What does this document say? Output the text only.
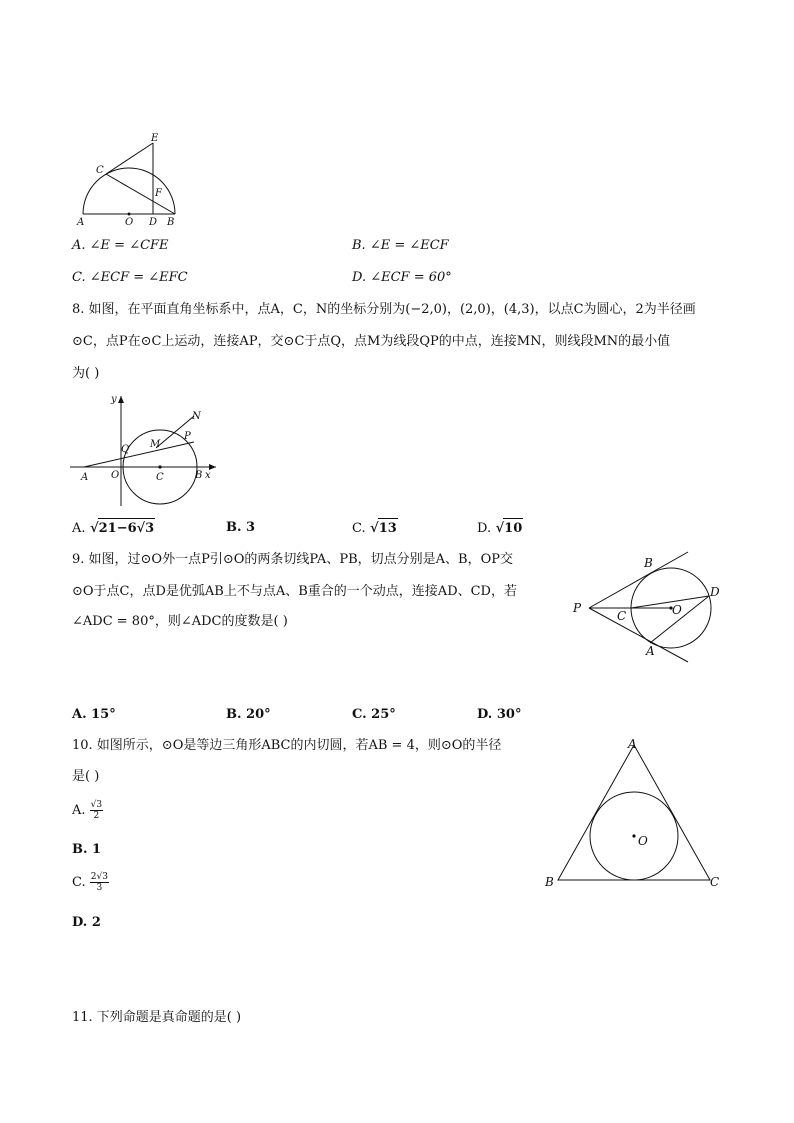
E
C
F
A	O D B
A. ∠E = ∠CFE	B. ∠E = ∠ECF
C. ∠ECF = ∠EFC	D. ∠ECF = 60°
8. 如图，在平面直角坐标系中，点A，C，N的坐标分别为(−2,0)，(2,0)，(4,3)，以点C为圆心，2为半径画
⊙C，点P在⊙C上运动，连接AP，交⊙C于点Q，点M为线段QP的中点，连接MN，则线段MN的最小值
为( )
y
N
P
M
Q
O
A	C	B x
A. √21−6√3	B. 3	C. √13	D. √10
9. 如图，过⊙O外一点P引⊙O的两条切线PA、PB，切点分别是A、B，OP交
⊙O于点C，点D是优弧AB上不与点A、B重合的一个动点，连接AD、CD，若
∠ADC = 80°，则∠ADC的度数是( )
B
D
P
C	O
A
A. 15°	B. 20°	C. 25°	D. 30°
10. 如图所示，⊙O是等边三角形ABC的内切圆，若AB = 4，则⊙O的半径
是( )
A. $\frac{√3}{2}$
B. 1
C. $\frac{2√3}{3}$
D. 2
A
O
B	C
11. 下列命题是真命题的是( )
